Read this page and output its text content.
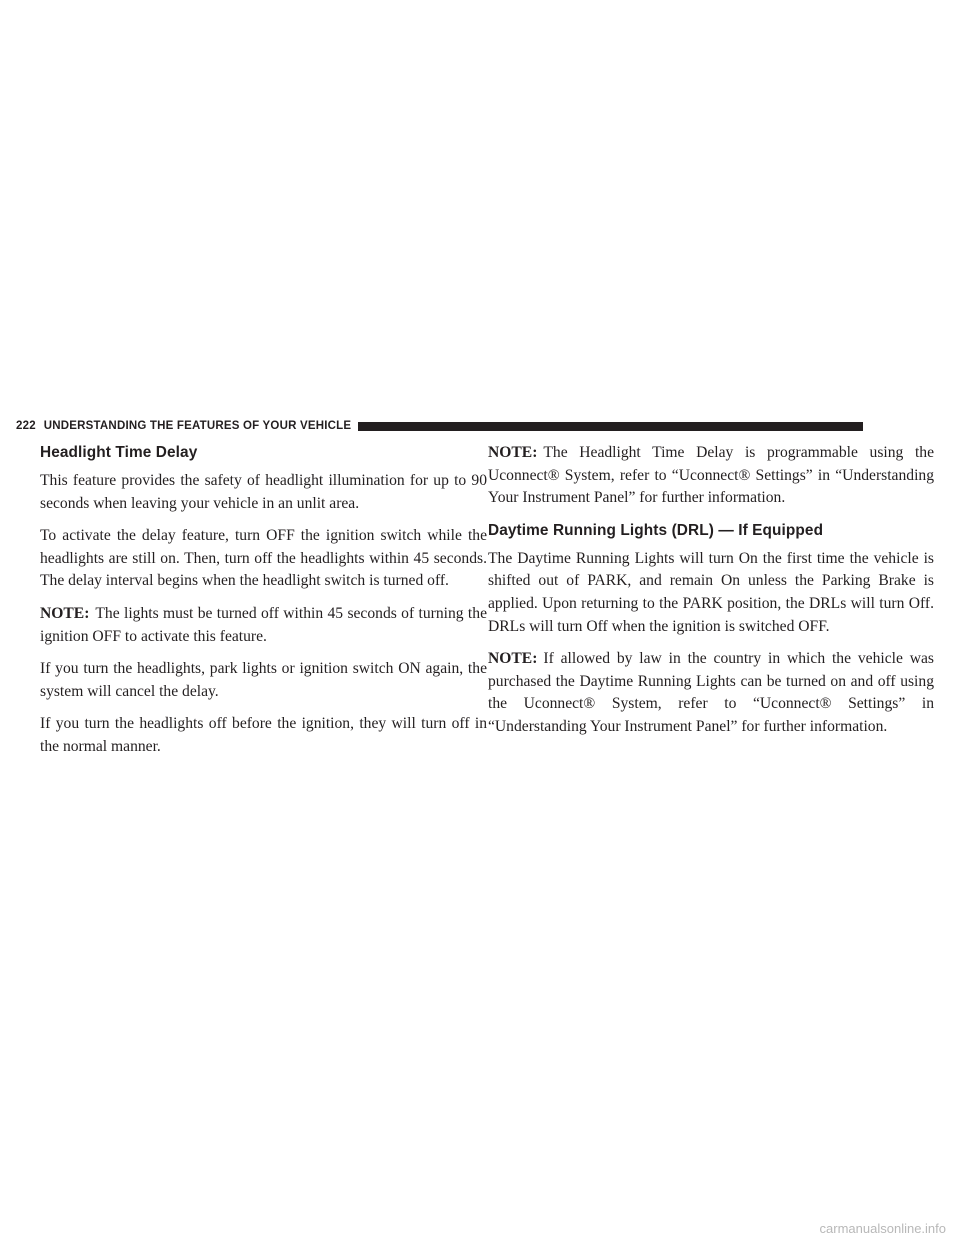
222 UNDERSTANDING THE FEATURES OF YOUR VEHICLE
Headlight Time Delay

This feature provides the safety of headlight illumination for up to 90 seconds when leaving your vehicle in an unlit area.

To activate the delay feature, turn OFF the ignition switch while the headlights are still on. Then, turn off the headlights within 45 seconds. The delay interval begins when the headlight switch is turned off.

NOTE: The lights must be turned off within 45 seconds of turning the ignition OFF to activate this feature.

If you turn the headlights, park lights or ignition switch ON again, the system will cancel the delay.

If you turn the headlights off before the ignition, they will turn off in the normal manner.

NOTE: The Headlight Time Delay is programmable using the Uconnect® System, refer to “Uconnect® Settings” in “Understanding Your Instrument Panel” for further information.

Daytime Running Lights (DRL) — If Equipped

The Daytime Running Lights will turn On the first time the vehicle is shifted out of PARK, and remain On unless the Parking Brake is applied. Upon returning to the PARK position, the DRLs will turn Off. DRLs will turn Off when the ignition is switched OFF.

NOTE: If allowed by law in the country in which the vehicle was purchased the Daytime Running Lights can be turned on and off using the Uconnect® System, refer to “Uconnect® Settings” in “Understanding Your Instrument Panel” for further information.

carmanualsonline.info
